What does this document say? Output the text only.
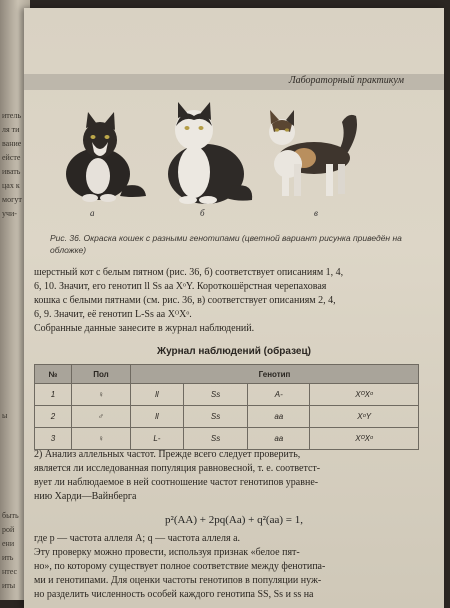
итель
ля ти
вание
ейсте
ивать
цах к
могут
учи-
ы
быть
рой
ени
ить
нтес
иты
Лабораторный практикум
а	б	в
Рис. 36. Окраска кошек с разными генотипами (цветной вариант рисунка приведён на обложке)
шерстный кот с белым пятном (рис. 36, б) соответствует описаниям 1, 4,
6, 10. Значит, его генотип ll Ss aa XᵒY. Короткошёрстная черепаховая
кошка с белыми пятнами (см. рис. 36, в) соответствует описаниям 2, 4,
6, 9. Значит, её генотип L-Ss aa XᴼXᵒ.
Собранные данные занесите в журнал наблюдений.
Журнал наблюдений (образец)
№	Пол	Генотип			
1	♀	ll	Ss	A-	XᴼXᵒ
2	♂	ll	Ss	aa	XᵒY
3	♀	L-	Ss	aa	XᴼXᵒ
2) Анализ аллельных частот. Прежде всего следует проверить,
является ли исследованная популяция равновесной, т. е. соответст-
вует ли наблюдаемое в ней соотношение частот генотипов уравне-
нию Харди—Вайнберга
p²(AA) + 2pq(Aa) + q²(aa) = 1,
где p — частота аллеля A; q — частота аллеля a.
Эту проверку можно провести, используя признак «белое пят-
но», по которому существует полное соответствие между фенотипа-
ми и генотипами. Для оценки частоты генотипов в популяции нуж-
но разделить численность особей каждого генотипа SS, Ss и ss на
